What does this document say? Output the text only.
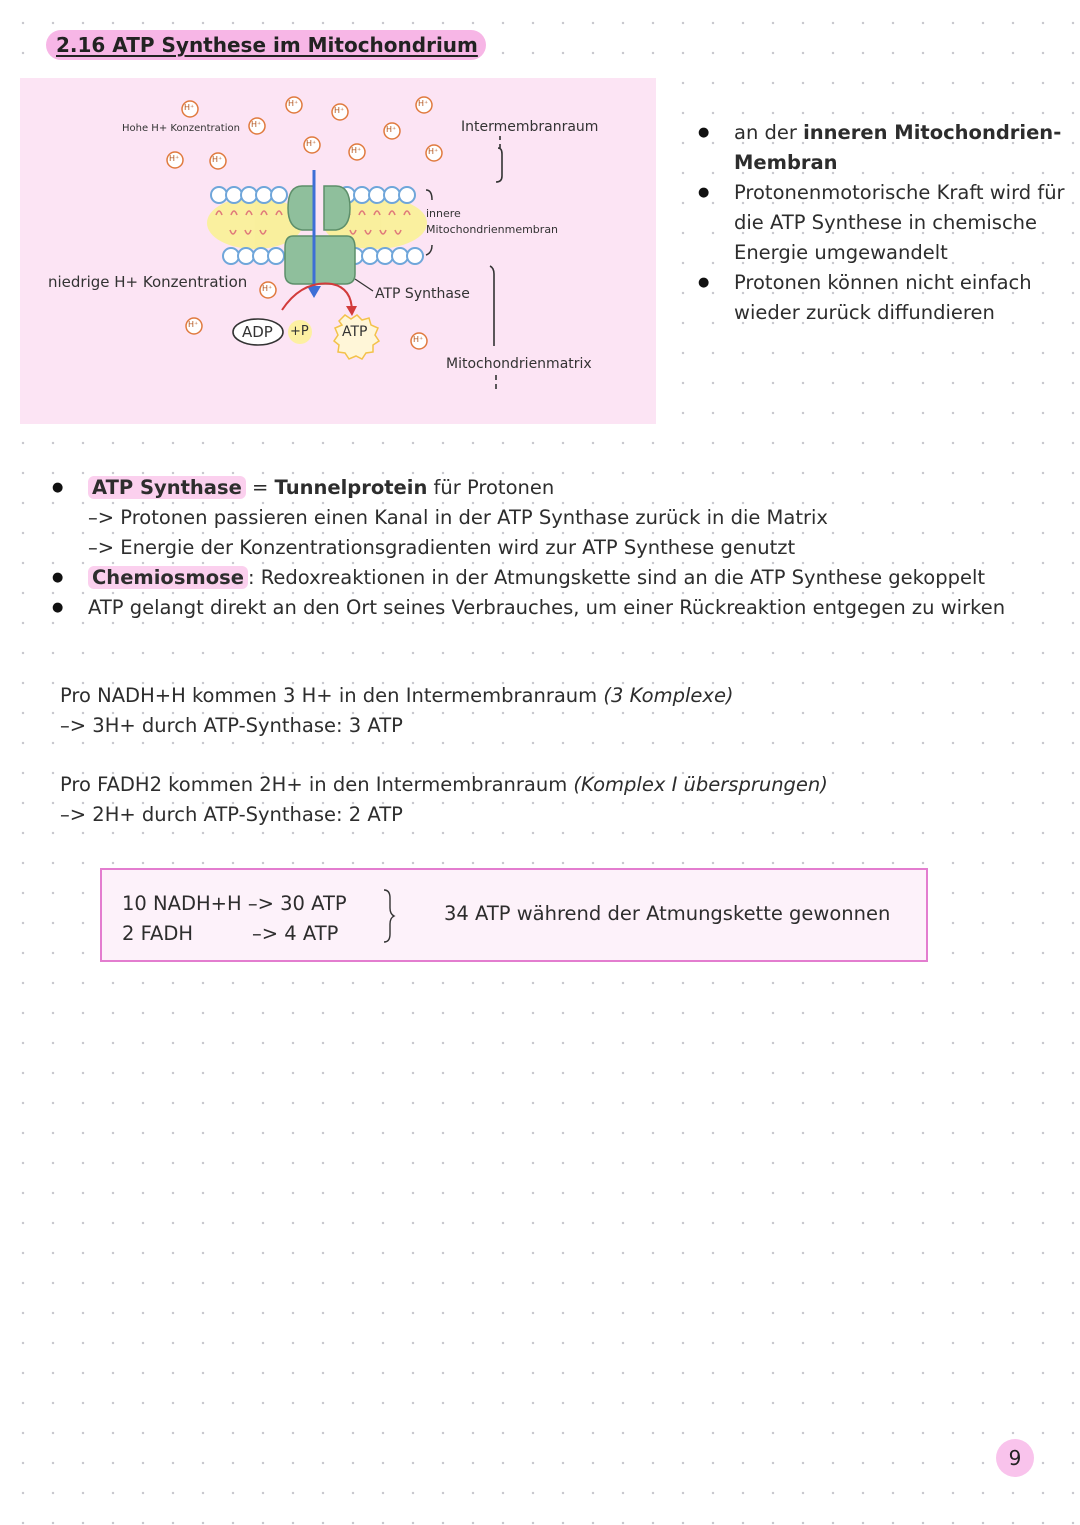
2.16 ATP Synthese im Mitochondrium
Hohe H+ Konzentration
niedrige H+ Konzentration
Intermembranraum
innere
Mitochondrienmembran
ATP Synthase
Mitochondrienmatrix
ADP +P ATP
H⁺	H⁺
H⁺
H⁺
H⁺
H⁺
H⁺
H⁺	H⁺
H⁺	H⁺
H⁺
H⁺
H⁺
● an der inneren Mitochondrien-Membran
● Protonenmotorische Kraft wird für die ATP Synthese in chemische Energie umgewandelt
● Protonen können nicht einfach wieder zurück diffundieren
● ATP Synthase = Tunnelprotein für Protonen
–> Protonen passieren einen Kanal in der ATP Synthase zurück in die Matrix
–> Energie der Konzentrationsgradienten wird zur ATP Synthese genutzt
● Chemiosmose : Redoxreaktionen in der Atmungskette sind an die ATP Synthese gekoppelt
● ATP gelangt direkt an den Ort seines Verbrauches, um einer Rückreaktion entgegen zu wirken
Pro NADH+H kommen 3 H+ in den Intermembranraum (3 Komplexe)
–> 3H+ durch ATP-Synthase: 3 ATP
Pro FADH2 kommen 2H+ in den Intermembranraum (Komplex I übersprungen)
–> 2H+ durch ATP-Synthase: 2 ATP
10 NADH+H –> 30 ATP
2 FADH	–> 4 ATP
34 ATP während der Atmungskette gewonnen
9
